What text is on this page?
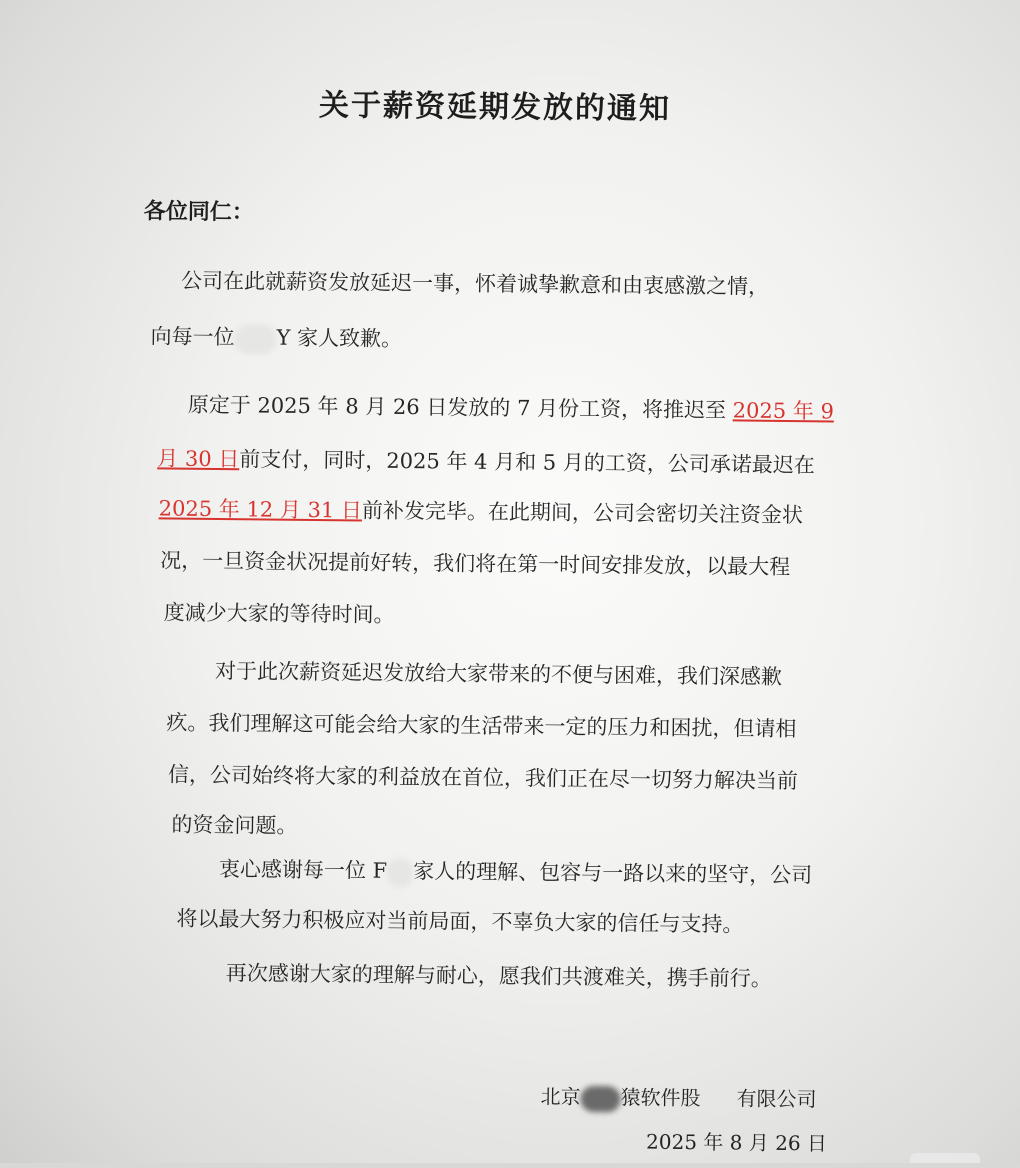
关于薪资延期发放的通知
各位同仁：
公司在此就薪资发放延迟一事，怀着诚挚歉意和由衷感激之情，
向每一位 Y 家人致歉。
原定于 2025 年 8 月 26 日发放的 7 月份工资，将推迟至 2025 年 9
月 30 日前支付，同时，2025 年 4 月和 5 月的工资，公司承诺最迟在
2025 年 12 月 31 日前补发完毕。在此期间，公司会密切关注资金状
况，一旦资金状况提前好转，我们将在第一时间安排发放，以最大程
度减少大家的等待时间。
对于此次薪资延迟发放给大家带来的不便与困难，我们深感歉
疚。我们理解这可能会给大家的生活带来一定的压力和困扰，但请相
信，公司始终将大家的利益放在首位，我们正在尽一切努力解决当前
的资金问题。
衷心感谢每一位 F 家人的理解、包容与一路以来的坚守，公司
将以最大努力积极应对当前局面，不辜负大家的信任与支持。
再次感谢大家的理解与耐心，愿我们共渡难关，携手前行。
北京 猿软件股 有限公司
2025 年 8 月 26 日
